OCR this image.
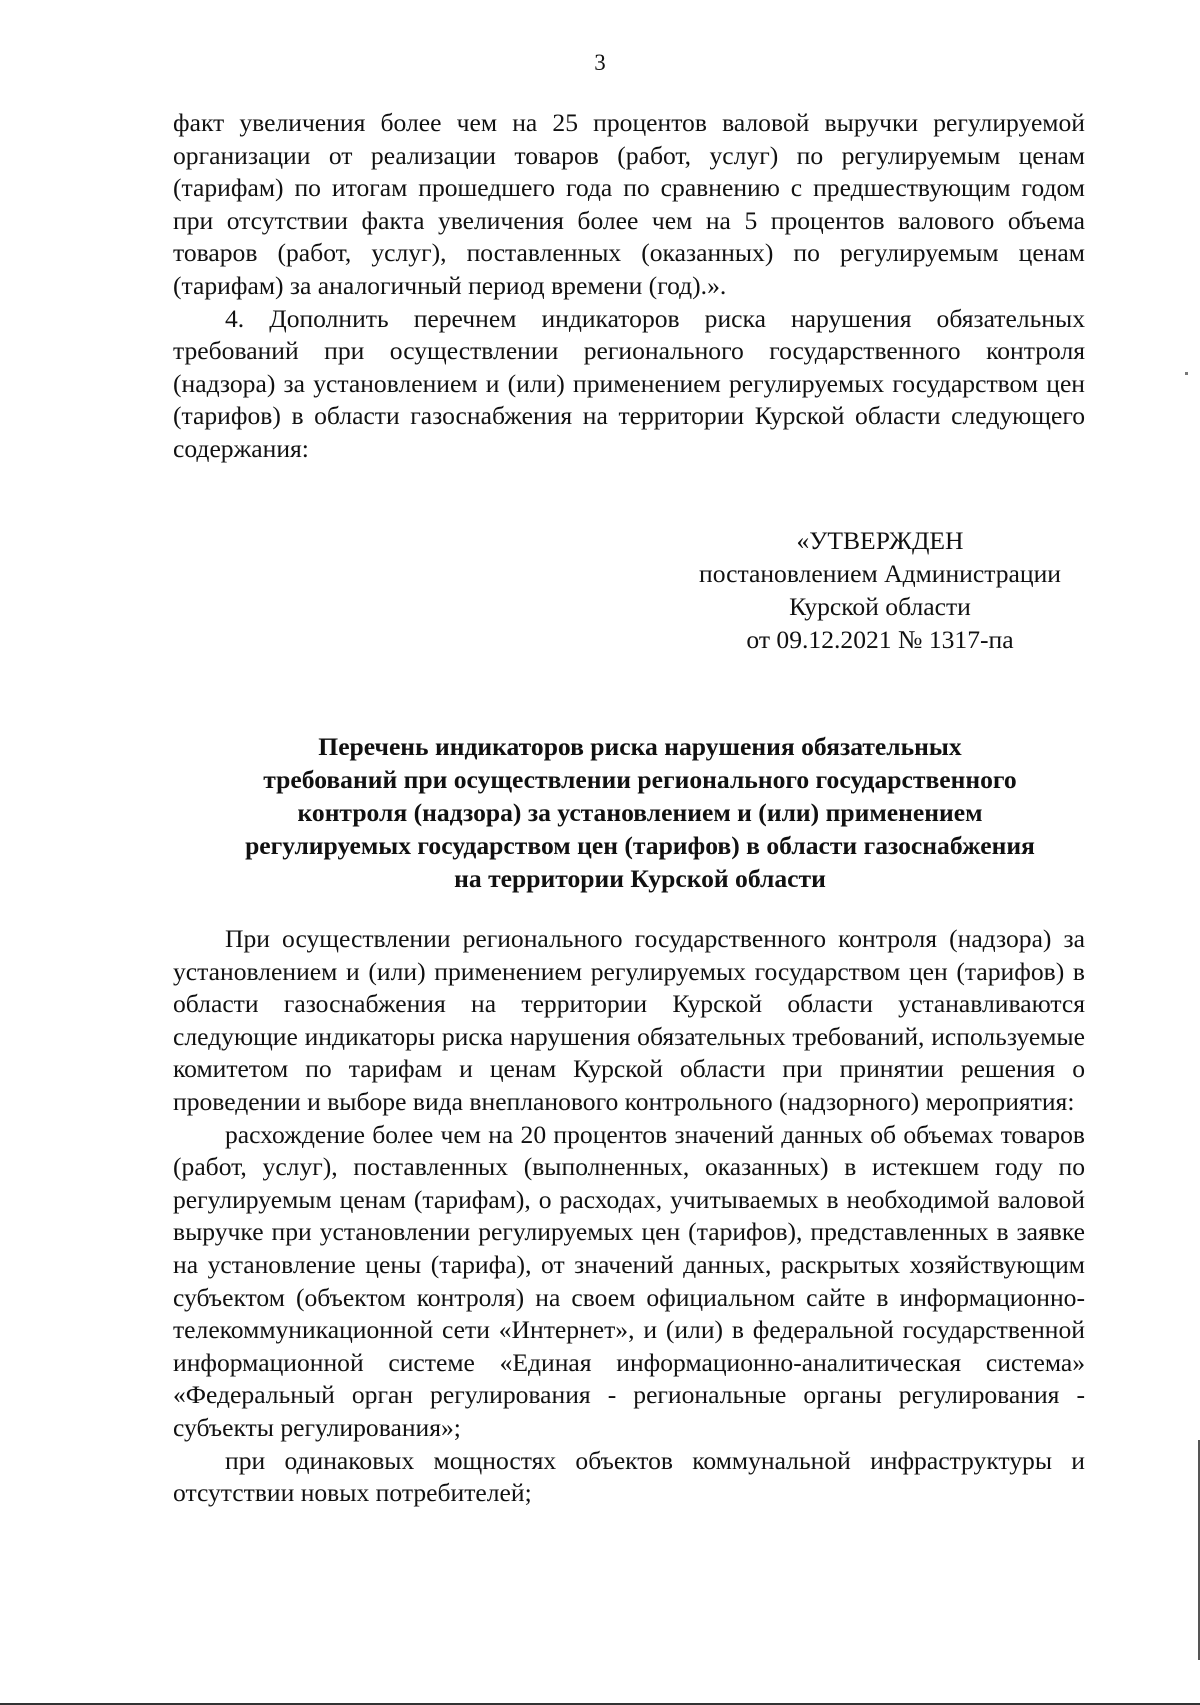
3

факт увеличения более чем на 25 процентов валовой выручки регулируемой организации от реализации товаров (работ, услуг) по регулируемым ценам (тарифам) по итогам прошедшего года по сравнению с предшествующим годом при отсутствии факта увеличения более чем на 5 процентов валового объема товаров (работ, услуг), поставленных (оказанных) по регулируемым ценам (тарифам) за аналогичный период времени (год).».

4. Дополнить перечнем индикаторов риска нарушения обязательных требований при осуществлении регионального государственного контроля (надзора) за установлением и (или) применением регулируемых государством цен (тарифов) в области газоснабжения на территории Курской области следующего содержания:

«УТВЕРЖДЕН
постановлением Администрации
Курской области
от 09.12.2021 № 1317-па
Перечень индикаторов риска нарушения обязательных
требований при осуществлении регионального государственного
контроля (надзора) за установлением и (или) применением
регулируемых государством цен (тарифов) в области газоснабжения
на территории Курской области

При осуществлении регионального государственного контроля (надзора) за установлением и (или) применением регулируемых государством цен (тарифов) в области газоснабжения на территории Курской области устанавливаются следующие индикаторы риска нарушения обязательных требований, используемые комитетом по тарифам и ценам Курской области при принятии решения о проведении и выборе вида внепланового контрольного (надзорного) мероприятия:

расхождение более чем на 20 процентов значений данных об объемах товаров (работ, услуг), поставленных (выполненных, оказанных) в истекшем году по регулируемым ценам (тарифам), о расходах, учитываемых в необходимой валовой выручке при установлении регулируемых цен (тарифов), представленных в заявке на установление цены (тарифа), от значений данных, раскрытых хозяйствующим субъектом (объектом контроля) на своем официальном сайте в информационно-телекоммуникационной сети «Интернет», и (или) в федеральной государственной информационной системе «Единая информационно-аналитическая система» «Федеральный орган регулирования - региональные органы регулирования - субъекты регулирования»;

при одинаковых мощностях объектов коммунальной инфраструктуры и отсутствии новых потребителей;
